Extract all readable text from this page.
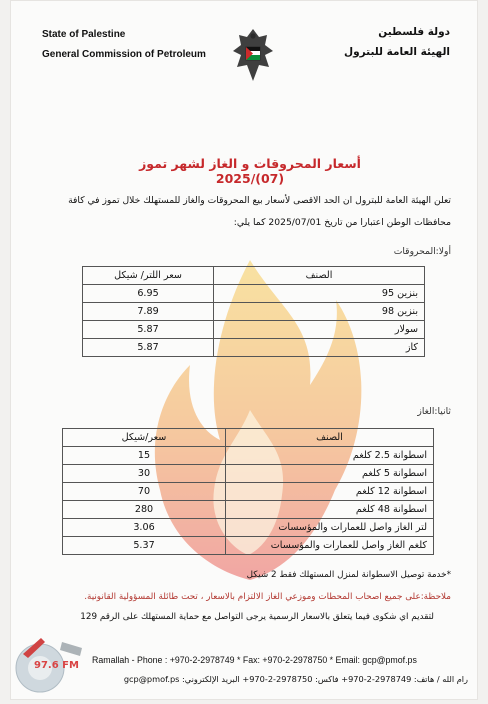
State of Palestine
General Commission of Petroleum
دولة فلسطين
الهيئة العامة للبترول
أسعار المحروقات و الغاز لشهر تموز (07)/2025
تعلن الهيئة العامة للبترول ان الحد الاقصى لأسعار بيع المحروقات والغاز للمستهلك خلال تموز في كافة محافظات الوطن اعتبارا من تاريخ 2025/07/01 كما يلي:
أولا:المحروقات
الصنف	سعر اللتر/ شيكل
بنزين 95	6.95
بنزين 98	7.89
سولار	5.87
كاز	5.87
ثانيا:الغاز
الصنف	سعر/شيكل
اسطوانة 2.5 كلغم	15
اسطوانة 5 كلغم	30
اسطوانة 12 كلغم	70
اسطوانة 48 كلغم	280
لتر الغاز واصل للعمارات والمؤسسات	3.06
كلغم الغاز واصل للعمارات والمؤسسات	5.37
*خدمة توصيل الاسطوانة لمنزل المستهلك فقط 2 شيكل
ملاحظة:على جميع اصحاب المحطات وموزعي الغاز الالتزام بالاسعار ، تحت طائلة المسؤولية القانونية.
لتقديم اي شكوى فيما يتعلق بالاسعار الرسمية يرجى التواصل مع حماية المستهلك على الرقم 129
Ramallah - Phone : +970-2-2978749 * Fax: +970-2-2978750 * Email: gcp@pmof.ps
رام الله / هاتف: 2978749-2-970+ فاكس: 2978750-2-970+ البريد الإلكتروني: gcp@pmof.ps
97.6 FM
